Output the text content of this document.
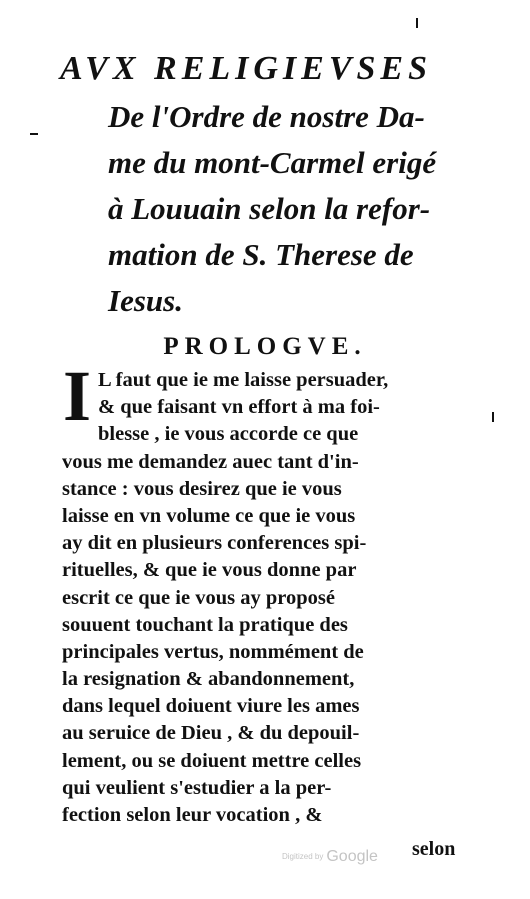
AVX RELIGIEVSES
De l'Ordre de nostre Da-
me du mont-Carmel erigé
à Louuain selon la refor-
mation de S. Therese de
Iesus.
PROLOGVE.
I L faut que ie me laisse persuader,
& que faisant vn effort à ma foi-
blesse , ie vous accorde ce que
vous me demandez auec tant d'in-
stance : vous desirez que ie vous
laisse en vn volume ce que ie vous
ay dit en plusieurs conferences spi-
rituelles, & que ie vous donne par
escrit ce que ie vous ay proposé
souuent touchant la pratique des
principales vertus, nommément de
la resignation & abandonnement,
dans lequel doiuent viure les ames
au seruice de Dieu , & du depouil-
lement, ou se doiuent mettre celles
qui veulient s'estudier a la per-
fection selon leur vocation , &
Digitized by Google selon
